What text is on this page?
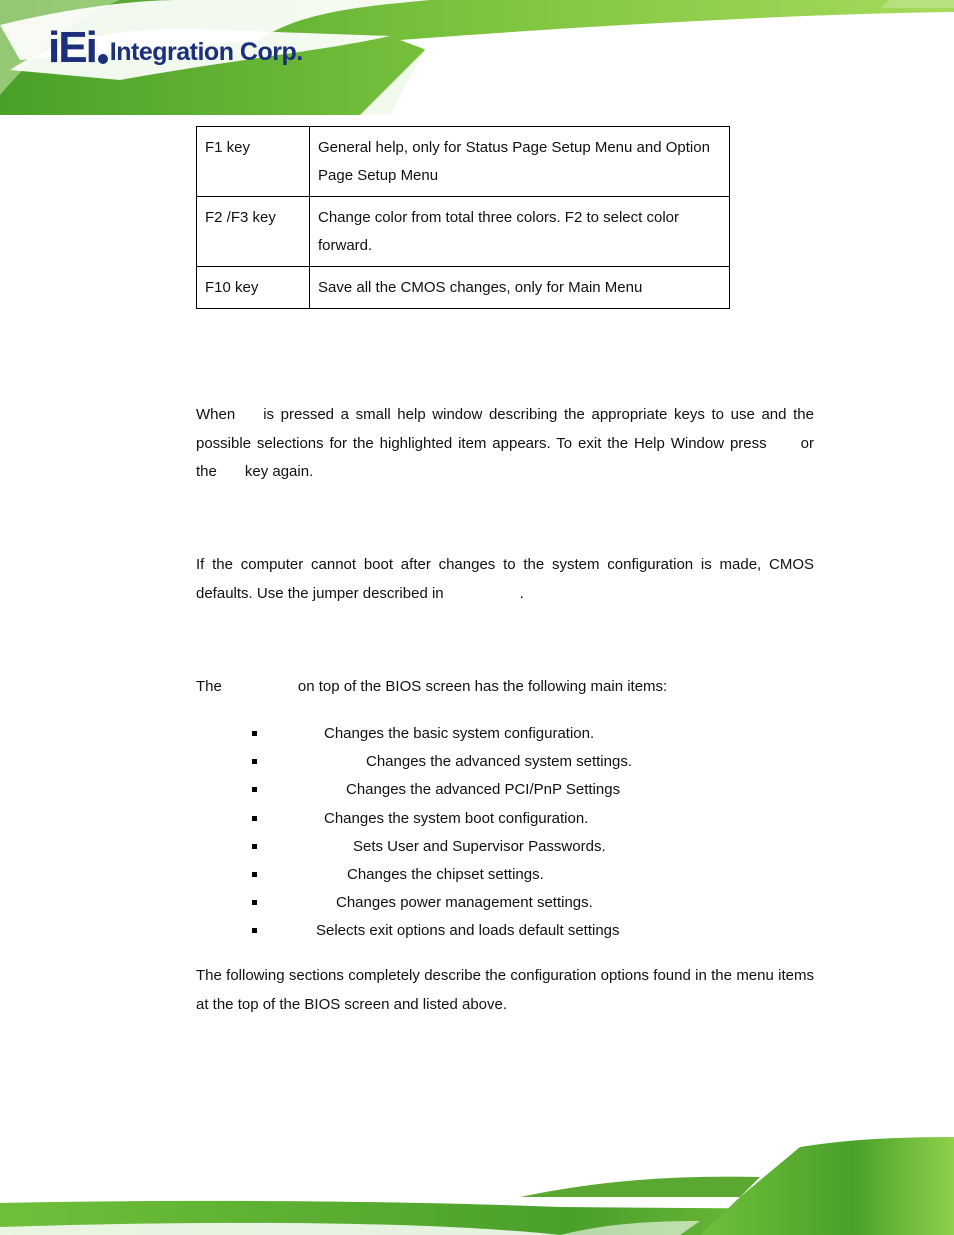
iEi Integration Corp.
F1 key	General help, only for Status Page Setup Menu and Option Page Setup Menu
F2 /F3 key	Change color from total three colors. F2 to select color forward.
F10 key	Save all the CMOS changes, only for Main Menu

When is pressed a small help window describing the appropriate keys to use and the possible selections for the highlighted item appears. To exit the Help Window press or the key again.

If the computer cannot boot after changes to the system configuration is made, CMOS defaults. Use the jumper described in	.

The	on top of the BIOS screen has the following main items:

Changes the basic system configuration.
Changes the advanced system settings.
Changes the advanced PCI/PnP Settings
Changes the system boot configuration.
Sets User and Supervisor Passwords.
Changes the chipset settings.
Changes power management settings.
Selects exit options and loads default settings

The following sections completely describe the configuration options found in the menu items at the top of the BIOS screen and listed above.
